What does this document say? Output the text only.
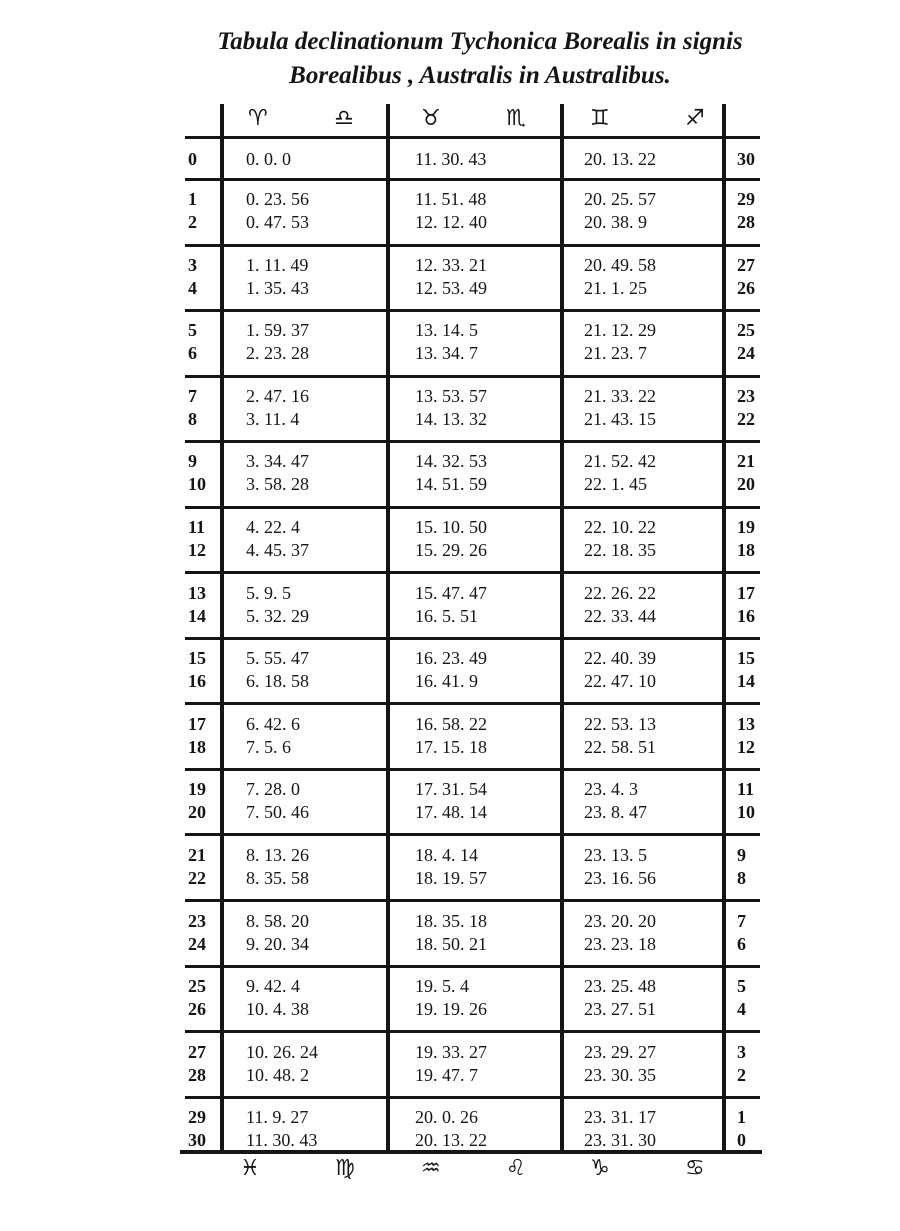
Tabula declinationum Tychonica Borealis in signis
Borealibus , Australis in Australibus.
♈	♎	♉	♏	♊	♐
♓	♍	♒	♌	♑	♋
0	0. 0. 0	11. 30. 43	20. 13. 22	30
1	0. 23. 56	11. 51. 48	20. 25. 57	29
2	0. 47. 53	12. 12. 40	20. 38. 9	28
3	1. 11. 49	12. 33. 21	20. 49. 58	27
4	1. 35. 43	12. 53. 49	21. 1. 25	26
5	1. 59. 37	13. 14. 5	21. 12. 29	25
6	2. 23. 28	13. 34. 7	21. 23. 7	24
7	2. 47. 16	13. 53. 57	21. 33. 22	23
8	3. 11. 4	14. 13. 32	21. 43. 15	22
9	3. 34. 47	14. 32. 53	21. 52. 42	21
10	3. 58. 28	14. 51. 59	22. 1. 45	20
11	4. 22. 4	15. 10. 50	22. 10. 22	19
12	4. 45. 37	15. 29. 26	22. 18. 35	18
13	5. 9. 5	15. 47. 47	22. 26. 22	17
14	5. 32. 29	16. 5. 51	22. 33. 44	16
15	5. 55. 47	16. 23. 49	22. 40. 39	15
16	6. 18. 58	16. 41. 9	22. 47. 10	14
17	6. 42. 6	16. 58. 22	22. 53. 13	13
18	7. 5. 6	17. 15. 18	22. 58. 51	12
19	7. 28. 0	17. 31. 54	23. 4. 3	11
20	7. 50. 46	17. 48. 14	23. 8. 47	10
21	8. 13. 26	18. 4. 14	23. 13. 5	9
22	8. 35. 58	18. 19. 57	23. 16. 56	8
23	8. 58. 20	18. 35. 18	23. 20. 20	7
24	9. 20. 34	18. 50. 21	23. 23. 18	6
25	9. 42. 4	19. 5. 4	23. 25. 48	5
26	10. 4. 38	19. 19. 26	23. 27. 51	4
27	10. 26. 24	19. 33. 27	23. 29. 27	3
28	10. 48. 2	19. 47. 7	23. 30. 35	2
29	11. 9. 27	20. 0. 26	23. 31. 17	1
30	11. 30. 43	20. 13. 22	23. 31. 30	0
